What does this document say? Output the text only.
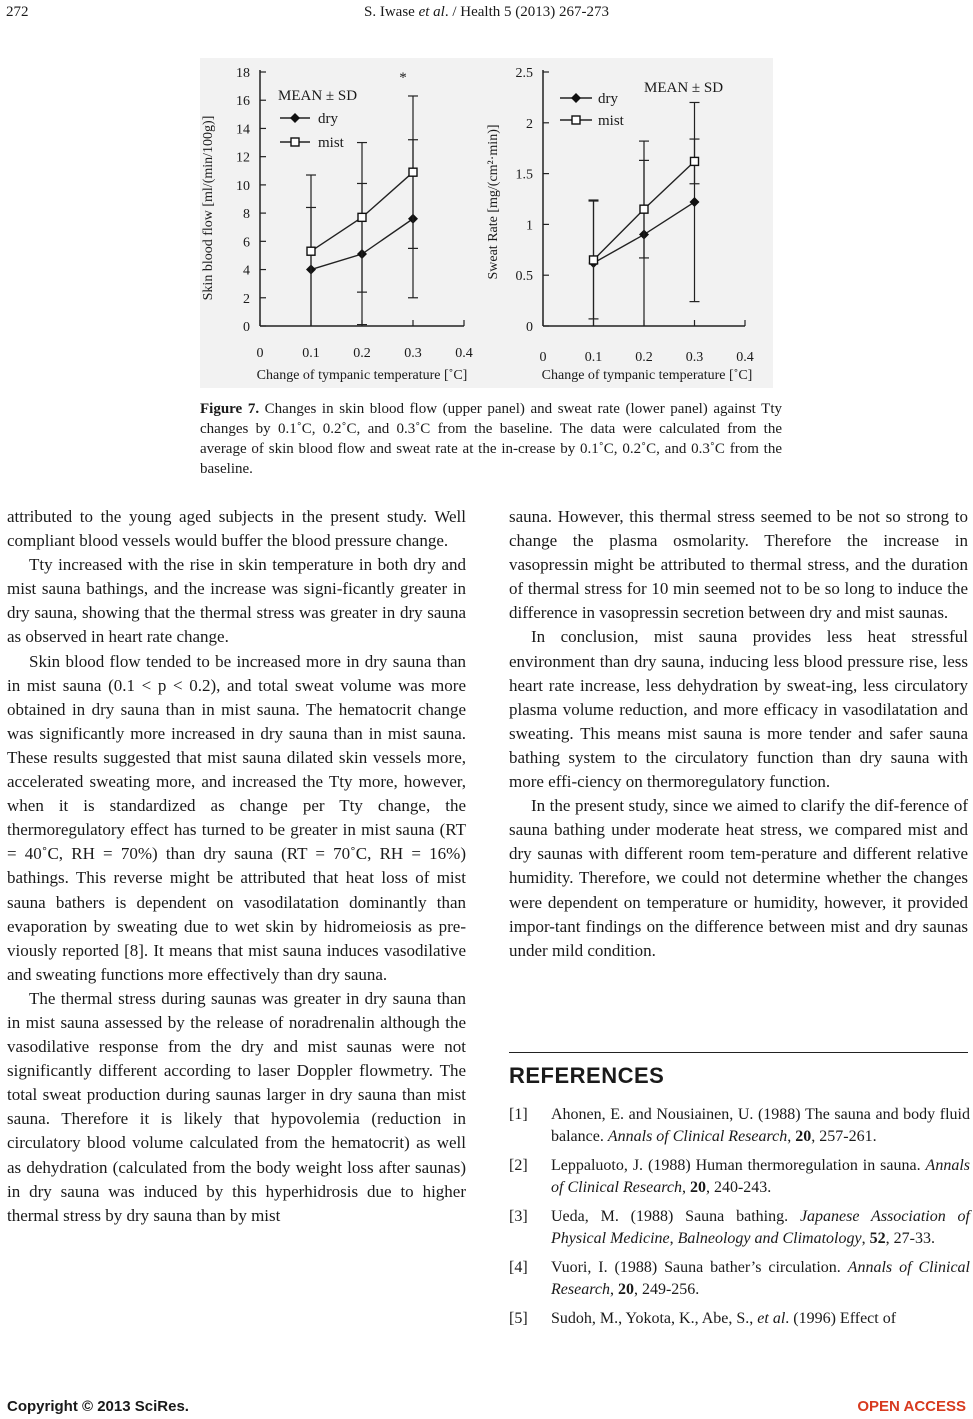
272	S. Iwase et al. / Health 5 (2013) 267-273
0
2
4
6
8
10
12
14
16
18
0	0.1 0.2 0.3 0.4
Change of tympanic temperature [˚C]
Skin blood flow [ml/(min/100g)]
MEAN ± SD
dry
mist
*
0
0.5
1
1.5
2
2.5
0	0.1 0.2 0.3 0.4
Change of tympanic temperature [˚C]
Sweat Rate [mg/(cm²·min)]
MEAN ± SD
dry
mist
Figure 7. Changes in skin blood flow (upper panel) and sweat rate (lower panel) against Tty changes by 0.1˚C, 0.2˚C, and 0.3˚C from the baseline. The data were calculated from the average of skin blood flow and sweat rate at the in-crease by 0.1˚C, 0.2˚C, and 0.3˚C from the baseline.

attributed to the young aged subjects in the present study. Well compliant blood vessels would buffer the blood pressure change.

Tty increased with the rise in skin temperature in both dry and mist sauna bathings, and the increase was signi-ficantly greater in dry sauna, showing that the thermal stress was greater in dry sauna as observed in heart rate change.

Skin blood flow tended to be increased more in dry sauna than in mist sauna (0.1 < p < 0.2), and total sweat volume was more obtained in dry sauna than in mist sauna. The hematocrit change was significantly more increased in dry sauna than in mist sauna. These results suggested that mist sauna dilated skin vessels more, accelerated sweating more, and increased the Tty more, however, when it is standardized as change per Tty change, the thermoregulatory effect has turned to be greater in mist sauna (RT = 40˚C, RH = 70%) than dry sauna (RT = 70˚C, RH = 16%) bathings. This reverse might be attributed that heat loss of mist sauna bathers is dependent on vasodilatation dominantly than evaporation by sweating due to wet skin by hidromeiosis as pre-viously reported [8]. It means that mist sauna induces vasodilative and sweating functions more effectively than dry sauna.

The thermal stress during saunas was greater in dry sauna than in mist sauna assessed by the release of noradrenalin although the vasodilative response from the dry and mist saunas were not significantly different according to laser Doppler flowmetry. The total sweat production during saunas larger in dry sauna than mist sauna. Therefore it is likely that hypovolemia (reduction in circulatory blood volume calculated from the hematocrit) as well as dehydration (calculated from the body weight loss after saunas) in dry sauna was induced by this hyperhidrosis due to higher thermal stress by dry sauna than by mist

sauna. However, this thermal stress seemed to be not so strong to change the plasma osmolarity. Therefore the increase in vasopressin might be attributed to thermal stress, and the duration of thermal stress for 10 min seemed not to be so long to induce the difference in vasopressin secretion between dry and mist saunas.

In conclusion, mist sauna provides less heat stressful environment than dry sauna, inducing less blood pressure rise, less heart rate increase, less dehydration by sweat-ing, less circulatory plasma volume reduction, and more efficacy in vasodilatation and sweating. This means mist sauna is more tender and safer sauna bathing system to the circulatory function than dry sauna with more effi-ciency on thermoregulatory function.

In the present study, since we aimed to clarify the dif-ference of sauna bathing under moderate heat stress, we compared mist and dry saunas with different room tem-perature and different relative humidity. Therefore, we could not determine whether the changes were dependent on temperature or humidity, however, it provided impor-tant findings on the difference between mist and dry saunas under mild condition.

REFERENCES
[1]	Ahonen, E. and Nousiainen, U. (1988) The sauna and body fluid balance. Annals of Clinical Research, 20, 257-261.
[2]	Leppaluoto, J. (1988) Human thermoregulation in sauna. Annals of Clinical Research, 20, 240-243.
[3]	Ueda, M. (1988) Sauna bathing. Japanese Association of Physical Medicine, Balneology and Climatology, 52, 27-33.
[4]	Vuori, I. (1988) Sauna bather’s circulation. Annals of Clinical Research, 20, 249-256.
[5]	Sudoh, M., Yokota, K., Abe, S., et al. (1996) Effect of
Copyright © 2013 SciRes.	OPEN ACCESS
